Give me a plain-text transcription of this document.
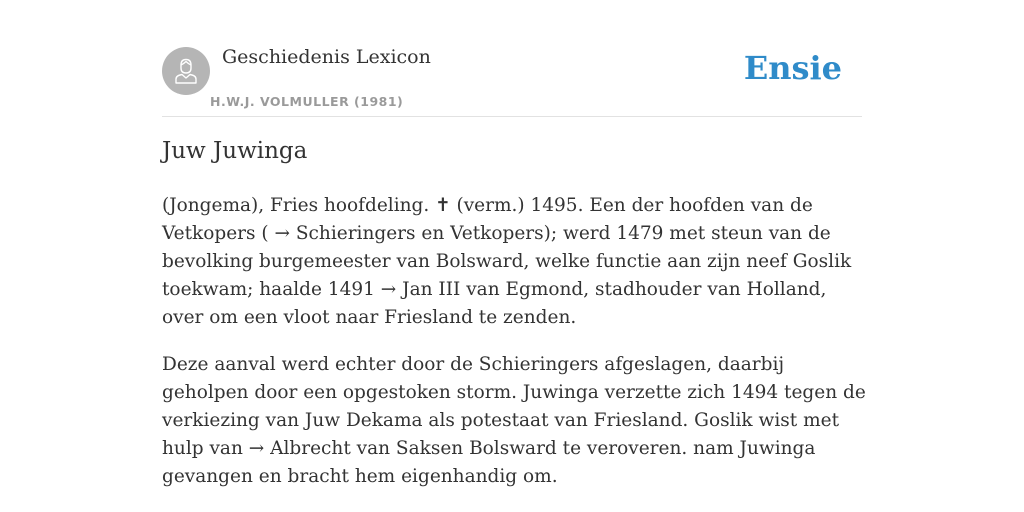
Geschiedenis Lexicon
H.W.J. VOLMULLER (1981)
Ensie
Juw Juwinga

(Jongema), Fries hoofdeling. ✝ (verm.) 1495. Een der hoofden van de Vetkopers ( → Schieringers en Vetkopers); werd 1479 met steun van de bevolking burgemeester van Bolsward, welke functie aan zijn neef Goslik toekwam; haalde 1491 → Jan III van Egmond, stadhouder van Holland, over om een vloot naar Friesland te zenden.

Deze aanval werd echter door de Schieringers afgeslagen, daarbij geholpen door een opgestoken storm. Juwinga verzette zich 1494 tegen de verkiezing van Juw Dekama als potestaat van Friesland. Goslik wist met hulp van → Albrecht van Saksen Bolsward te veroveren. nam Juwinga gevangen en bracht hem eigenhandig om.
